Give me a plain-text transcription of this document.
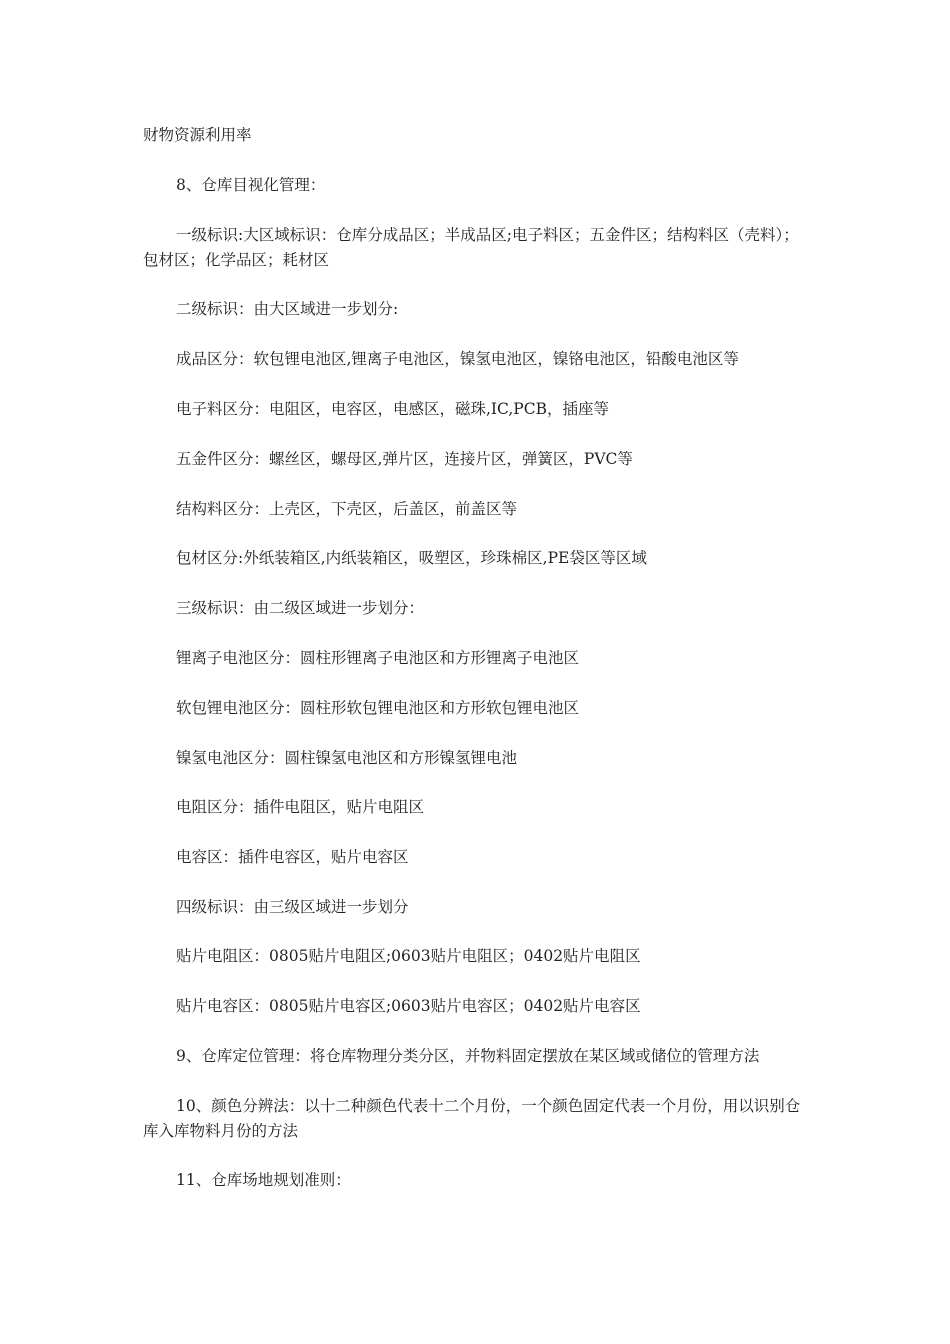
财物资源利用率

8、仓库目视化管理：

一级标识:大区域标识：仓库分成品区；半成品区;电子料区；五金件区；结构料区（壳料）；包材区；化学品区；耗材区

二级标识：由大区域进一步划分:

成品区分：软包锂电池区,锂离子电池区，镍氢电池区，镍铬电池区，铅酸电池区等

电子料区分：电阻区，电容区，电感区，磁珠,IC,PCB，插座等

五金件区分：螺丝区，螺母区,弹片区，连接片区，弹簧区，PVC等

结构料区分：上壳区，下壳区，后盖区，前盖区等

包材区分:外纸装箱区,内纸装箱区，吸塑区，珍珠棉区,PE袋区等区域

三级标识：由二级区域进一步划分：

锂离子电池区分：圆柱形锂离子电池区和方形锂离子电池区

软包锂电池区分：圆柱形软包锂电池区和方形软包锂电池区

镍氢电池区分：圆柱镍氢电池区和方形镍氢锂电池

电阻区分：插件电阻区，贴片电阻区

电容区：插件电容区，贴片电容区

四级标识：由三级区域进一步划分

贴片电阻区：0805贴片电阻区;0603贴片电阻区；0402贴片电阻区

贴片电容区：0805贴片电容区;0603贴片电容区；0402贴片电容区

9、仓库定位管理：将仓库物理分类分区，并物料固定摆放在某区域或储位的管理方法

10、颜色分辨法：以十二种颜色代表十二个月份，一个颜色固定代表一个月份，用以识别仓库入库物料月份的方法

11、仓库场地规划准则：
